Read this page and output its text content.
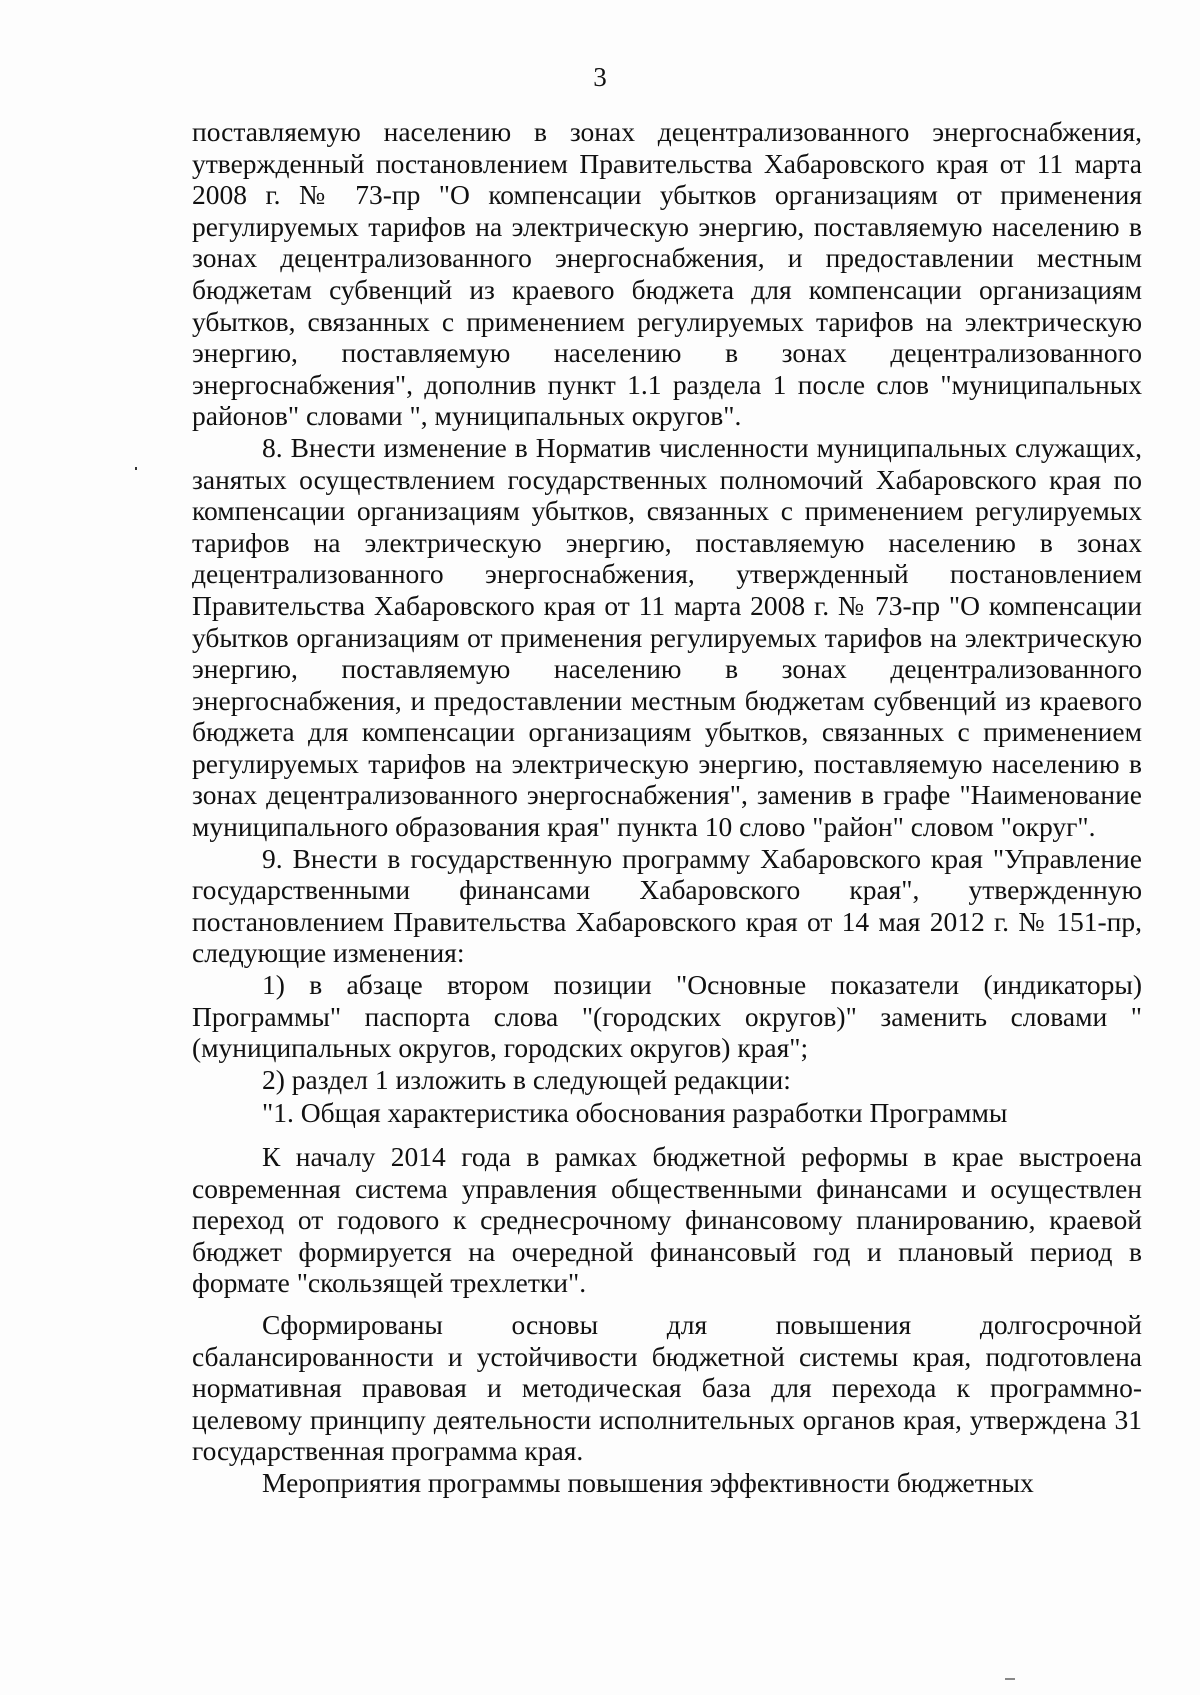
3

поставляемую населению в зонах децентрализованного энергоснабжения, утвержденный постановлением Правительства Хабаровского края от 11 марта 2008 г. № 73-пр "О компенсации убытков организациям от применения регулируемых тарифов на электрическую энергию, поставляемую населению в зонах децентрализованного энергоснабжения, и предоставлении местным бюджетам субвенций из краевого бюджета для компенсации организациям убытков, связанных с применением регулируемых тарифов на электрическую энергию, поставляемую населению в зонах децентрализованного энергоснабжения", дополнив пункт 1.1 раздела 1 после слов "муниципальных районов" словами ", муниципальных округов".

8. Внести изменение в Норматив численности муниципальных служащих, занятых осуществлением государственных полномочий Хабаровского края по компенсации организациям убытков, связанных с применением регулируемых тарифов на электрическую энергию, поставляемую населению в зонах децентрализованного энергоснабжения, утвержденный постановлением Правительства Хабаровского края от 11 марта 2008 г. № 73-пр "О компенсации убытков организациям от применения регулируемых тарифов на электрическую энергию, поставляемую населению в зонах децентрализованного энергоснабжения, и предоставлении местным бюджетам субвенций из краевого бюджета для компенсации организациям убытков, связанных с применением регулируемых тарифов на электрическую энергию, поставляемую населению в зонах децентрализованного энергоснабжения", заменив в графе "Наименование муниципального образования края" пункта 10 слово "район" словом "округ".

9. Внести в государственную программу Хабаровского края "Управление государственными финансами Хабаровского края", утвержденную постановлением Правительства Хабаровского края от 14 мая 2012 г. № 151-пр, следующие изменения:

1) в абзаце втором позиции "Основные показатели (индикаторы) Программы" паспорта слова "(городских округов)" заменить словами "(муниципальных округов, городских округов) края";

2) раздел 1 изложить в следующей редакции:

"1. Общая характеристика обоснования разработки Программы

К началу 2014 года в рамках бюджетной реформы в крае выстроена современная система управления общественными финансами и осуществлен переход от годового к среднесрочному финансовому планированию, краевой бюджет формируется на очередной финансовый год и плановый период в формате "скользящей трехлетки".

Сформированы основы для повышения долгосрочной сбалансированности и устойчивости бюджетной системы края, подготовлена нормативная правовая и методическая база для перехода к программно-целевому принципу деятельности исполнительных органов края, утверждена 31 государственная программа края.

Мероприятия программы повышения эффективности бюджетных
